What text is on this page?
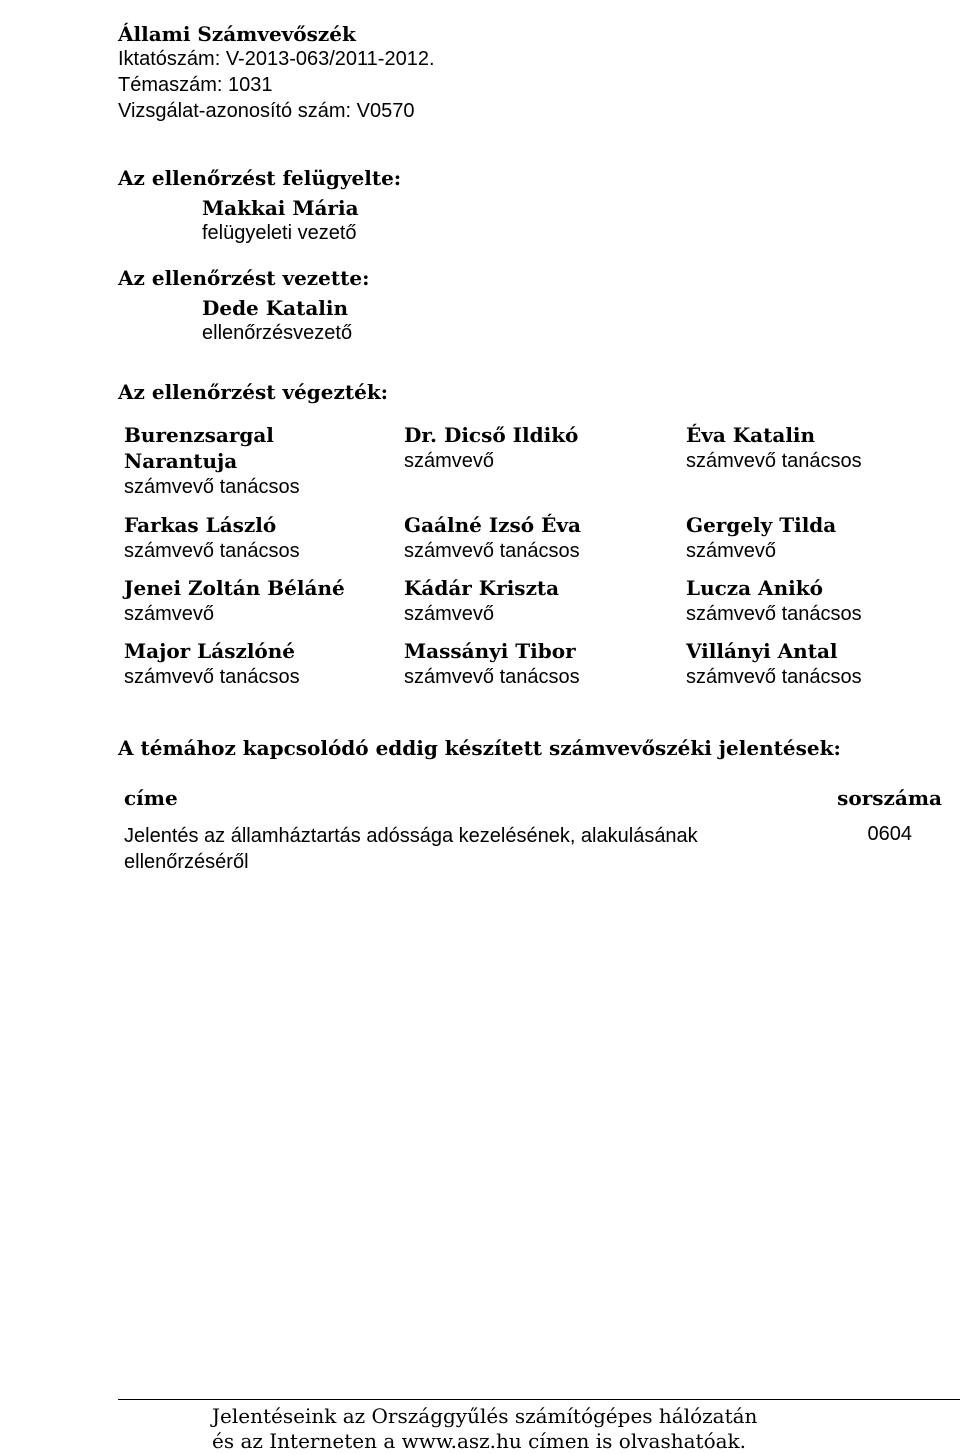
Állami Számvevőszék
Iktatószám: V-2013-063/2011-2012.
Témaszám: 1031
Vizsgálat-azonosító szám: V0570
Az ellenőrzést felügyelte:
Makkai Mária
felügyeleti vezető
Az ellenőrzést vezette:
Dede Katalin
ellenőrzésvezető
Az ellenőrzést végezték:
Burenzsargal Narantuja
számvevő tanácsos
Dr. Dicső Ildikó
számvevő
Éva Katalin
számvevő tanácsos
Farkas László
számvevő tanácsos
Gaálné Izsó Éva
számvevő tanácsos
Gergely Tilda
számvevő
Jenei Zoltán Béláné
számvevő
Kádár Kriszta
számvevő
Lucza Anikó
számvevő tanácsos
Major Lászlóné
számvevő tanácsos
Massányi Tibor
számvevő tanácsos
Villányi Antal
számvevő tanácsos
A témához kapcsolódó eddig készített számvevőszéki jelentések:
címe	sorszáma
Jelentés az államháztartás adóssága kezelésének, alakulásának ellenőrzéséről
0604
Jelentéseink az Országgyűlés számítógépes hálózatán és az Interneten a www.asz.hu címen is olvashatóak.
